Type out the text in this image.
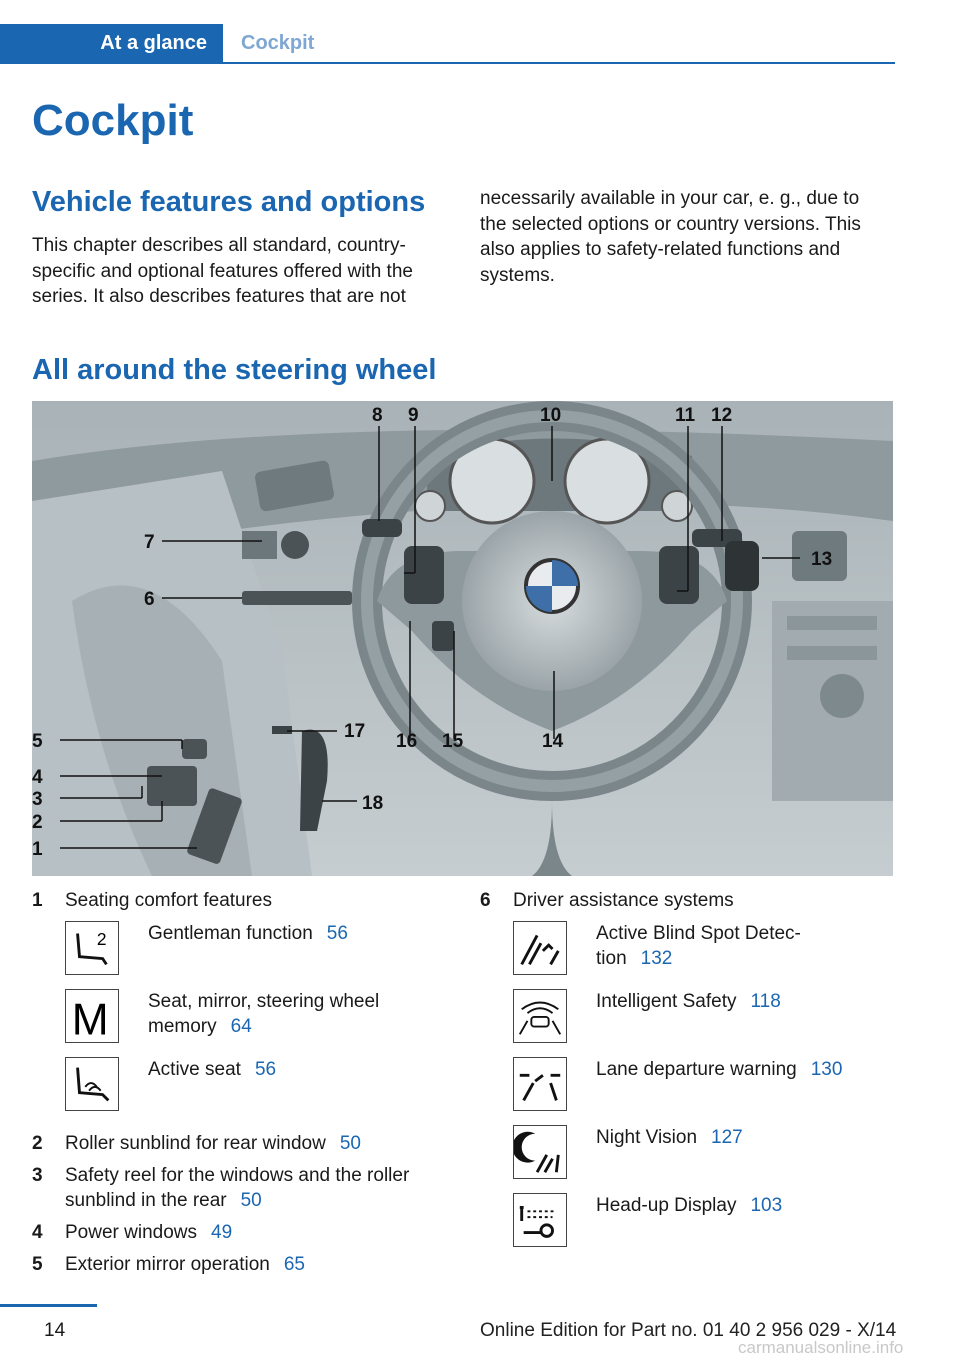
At a glance	Cockpit
Cockpit
Vehicle features and options
This chapter describes all standard, country-
specific and optional features offered with the
series. It also describes features that are not
necessarily available in your car, e. g., due to
the selected options or country versions. This
also applies to safety-related functions and
systems.
All around the steering wheel
5
4
3
2
1
6
7
8 9	10	11 12
13
14
15
16
17
18
1 Seating comfort features
2 Gentleman function 56
M Seat, mirror, steering wheel
memory 64
Active seat 56
2 Roller sunblind for rear window 50
3 Safety reel for the windows and the roller
sunblind in the rear 50
4 Power windows 49
5 Exterior mirror operation 65
6 Driver assistance systems
Active Blind Spot Detec-
tion 132
Intelligent Safety 118
Lane departure warning 130
Night Vision 127
Head-up Display 103
14	Online Edition for Part no. 01 40 2 956 029 - X/14
carmanualsonline.info
